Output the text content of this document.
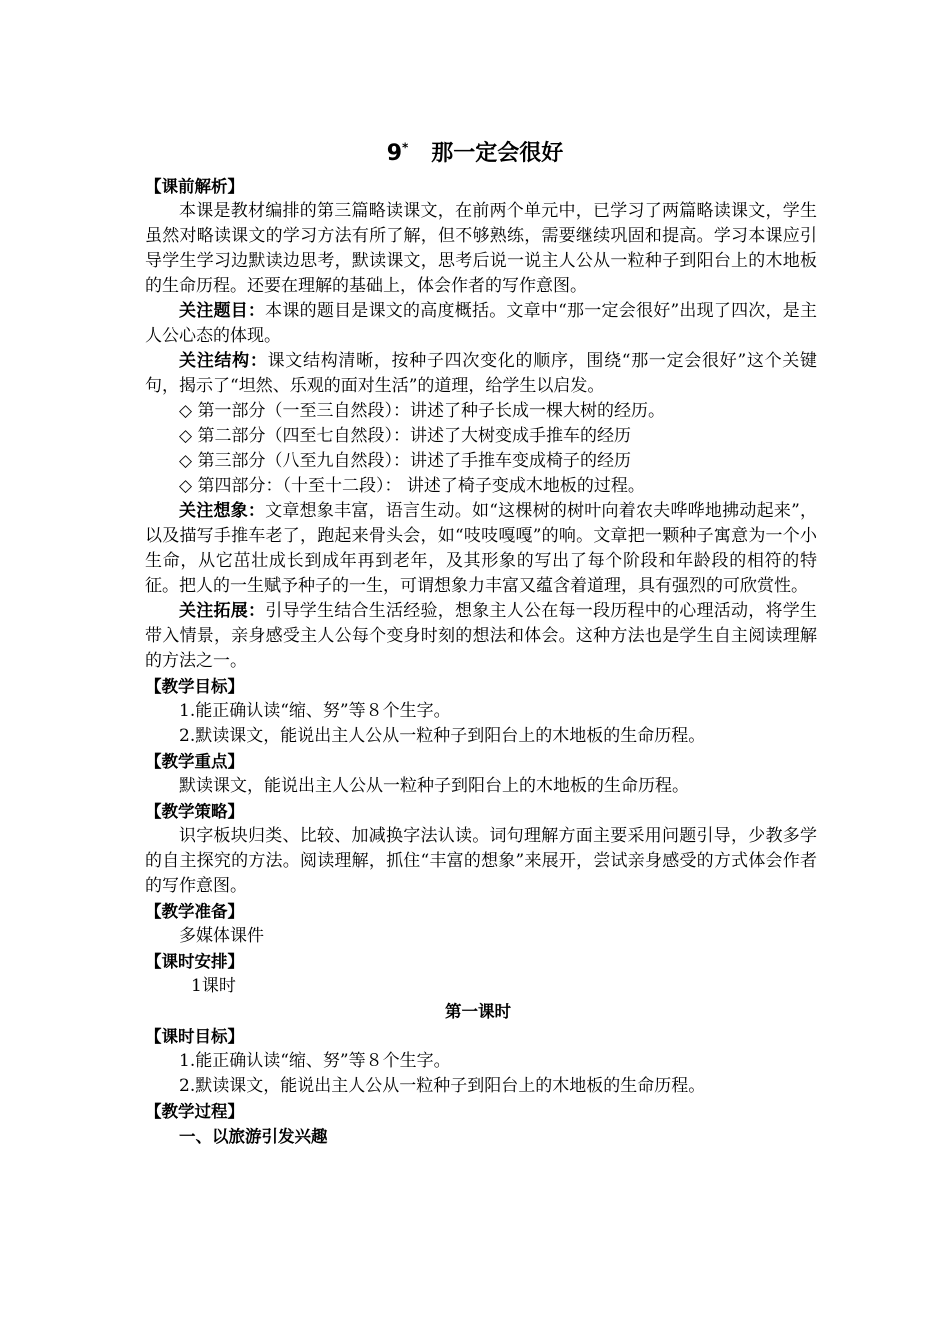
9* 那一定会很好
【课前解析】
本课是教材编排的第三篇略读课文，在前两个单元中，已学习了两篇略读课文，学生虽然对略读课文的学习方法有所了解，但不够熟练，需要继续巩固和提高。学习本课应引导学生学习边默读边思考，默读课文，思考后说一说主人公从一粒种子到阳台上的木地板的生命历程。还要在理解的基础上，体会作者的写作意图。
关注题目：本课的题目是课文的高度概括。文章中“那一定会很好”出现了四次，是主人公心态的体现。
关注结构：课文结构清晰，按种子四次变化的顺序，围绕“那一定会很好”这个关键句，揭示了“坦然、乐观的面对生活”的道理，给学生以启发。
◇ 第一部分（一至三自然段）：讲述了种子长成一棵大树的经历。
◇ 第二部分（四至七自然段）：讲述了大树变成手推车的经历
◇ 第三部分（八至九自然段）：讲述了手推车变成椅子的经历
◇ 第四部分：（十至十二段）： 讲述了椅子变成木地板的过程。
关注想象：文章想象丰富，语言生动。如“这棵树的树叶向着农夫哗哗地拂动起来”，以及描写手推车老了，跑起来骨头会，如“吱吱嘎嘎”的响。文章把一颗种子寓意为一个小生命，从它茁壮成长到成年再到老年，及其形象的写出了每个阶段和年龄段的相符的特征。把人的一生赋予种子的一生，可谓想象力丰富又蕴含着道理，具有强烈的可欣赏性。
关注拓展：引导学生结合生活经验，想象主人公在每一段历程中的心理活动，将学生带入情景，亲身感受主人公每个变身时刻的想法和体会。这种方法也是学生自主阅读理解的方法之一。
【教学目标】
1.能正确认读“缩、努”等８个生字。
2.默读课文，能说出主人公从一粒种子到阳台上的木地板的生命历程。
【教学重点】
默读课文，能说出主人公从一粒种子到阳台上的木地板的生命历程。
【教学策略】
识字板块归类、比较、加减换字法认读。词句理解方面主要采用问题引导，少教多学的自主探究的方法。阅读理解，抓住“丰富的想象”来展开，尝试亲身感受的方式体会作者的写作意图。
【教学准备】
多媒体课件
【课时安排】
1课时
第一课时
【课时目标】
1.能正确认读“缩、努”等８个生字。
2.默读课文，能说出主人公从一粒种子到阳台上的木地板的生命历程。
【教学过程】
一、以旅游引发兴趣
